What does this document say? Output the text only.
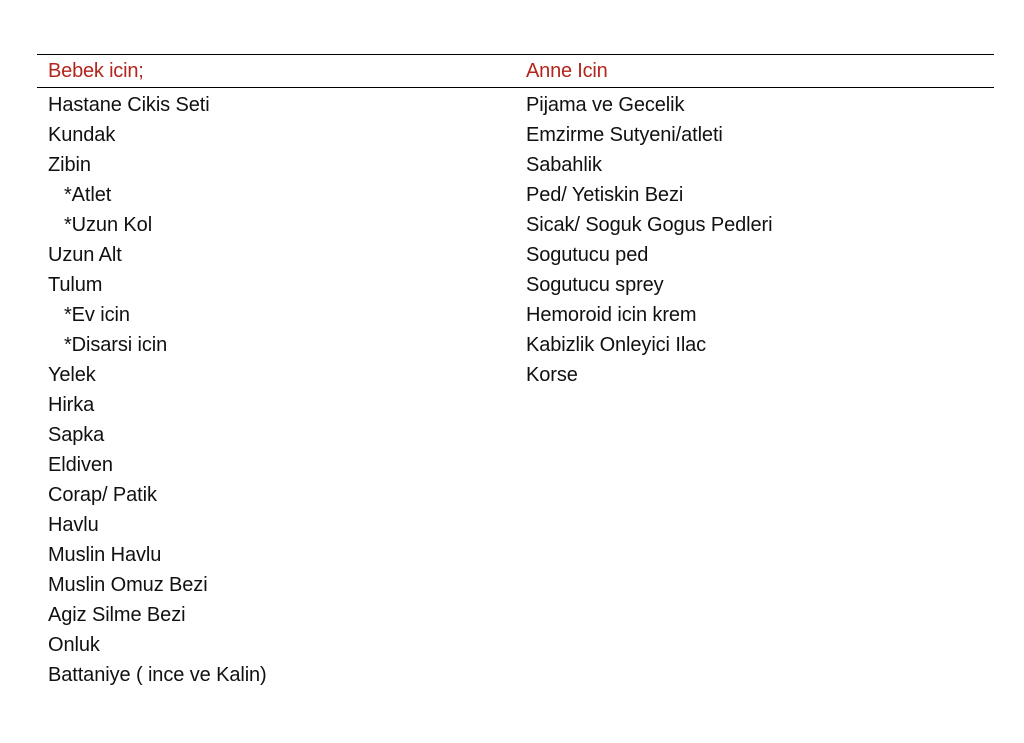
Bebek icin;
Hastane Cikis Seti
Kundak
Zibin
*Atlet
*Uzun Kol
Uzun Alt
Tulum
*Ev icin
*Disarsi icin
Yelek
Hirka
Sapka
Eldiven
Corap/ Patik
Havlu
Muslin Havlu
Muslin Omuz Bezi
Agiz Silme Bezi
Onluk
Battaniye ( ince ve Kalin)
Anne Icin
Pijama ve Gecelik
Emzirme Sutyeni/atleti
Sabahlik
Ped/ Yetiskin Bezi
Sicak/ Soguk Gogus Pedleri
Sogutucu ped
Sogutucu sprey
Hemoroid icin krem
Kabizlik Onleyici Ilac
Korse
